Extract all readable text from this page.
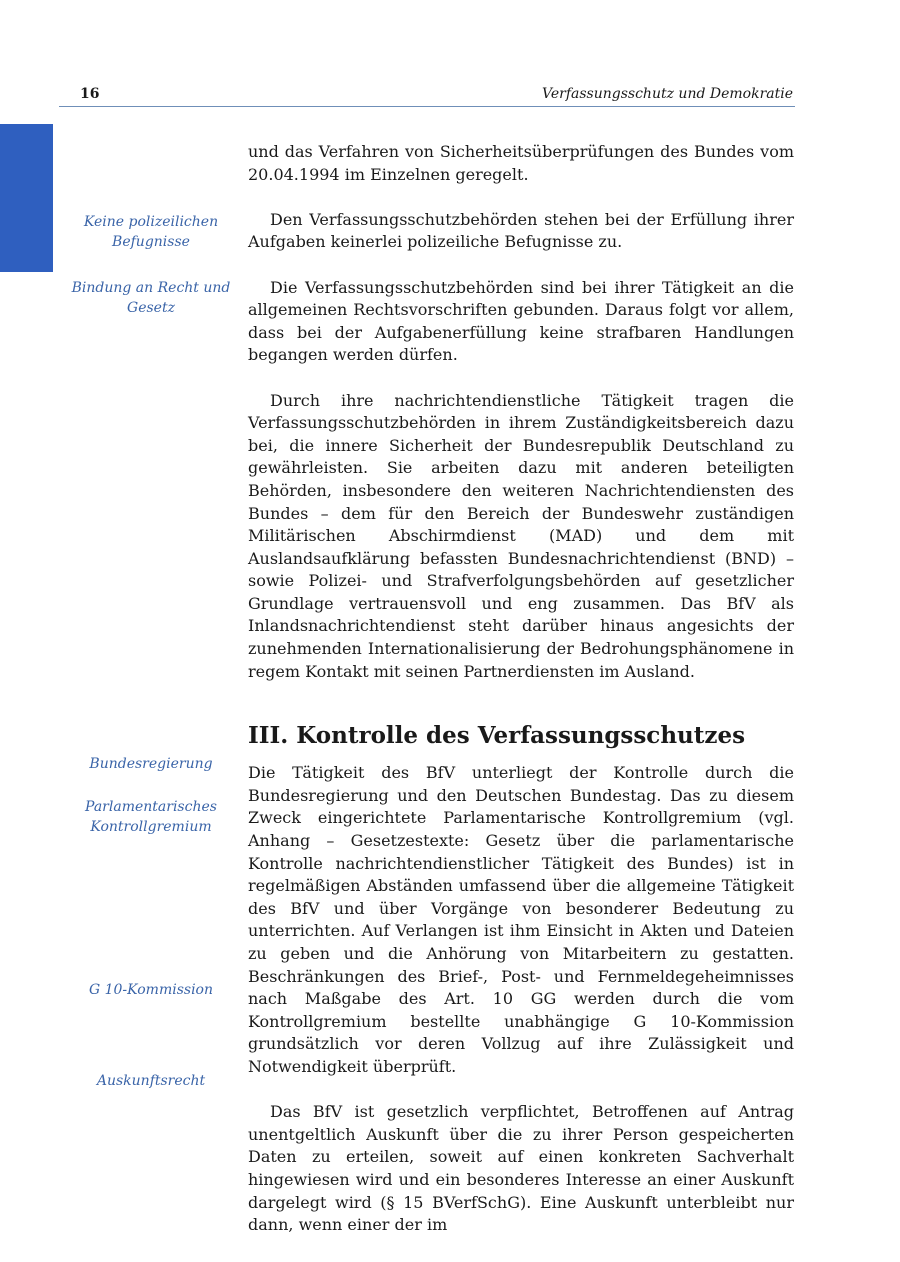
16	Verfassungsschutz und Demokratie
Keine polizeilichen Befugnisse
Bindung an Recht und Gesetz
Bundesregierung
Parlamentarisches Kontrollgremium
G 10-Kommission
Auskunftsrecht

und das Verfahren von Sicherheitsüberprüfungen des Bundes vom 20.04.1994 im Einzelnen geregelt.

Den Verfassungsschutzbehörden stehen bei der Erfüllung ihrer Aufgaben keinerlei polizeiliche Befugnisse zu.

Die Verfassungsschutzbehörden sind bei ihrer Tätigkeit an die allgemeinen Rechtsvorschriften gebunden. Daraus folgt vor allem, dass bei der Aufgabenerfüllung keine strafbaren Handlungen begangen werden dürfen.

Durch ihre nachrichtendienstliche Tätigkeit tragen die Verfassungsschutzbehörden in ihrem Zuständigkeitsbereich dazu bei, die innere Sicherheit der Bundesrepublik Deutschland zu gewährleisten. Sie arbeiten dazu mit anderen beteiligten Behörden, insbesondere den weiteren Nachrichtendiensten des Bundes – dem für den Bereich der Bundeswehr zuständigen Militärischen Abschirmdienst (MAD) und dem mit Auslandsaufklärung befassten Bundesnachrichtendienst (BND) – sowie Polizei- und Strafverfolgungsbehörden auf gesetzlicher Grundlage vertrauensvoll und eng zusammen. Das BfV als Inlandsnachrichtendienst steht darüber hinaus angesichts der zunehmenden Internationalisierung der Bedrohungsphänomene in regem Kontakt mit seinen Partnerdiensten im Ausland.

III. Kontrolle des Verfassungsschutzes

Die Tätigkeit des BfV unterliegt der Kontrolle durch die Bundesregierung und den Deutschen Bundestag. Das zu diesem Zweck eingerichtete Parlamentarische Kontrollgremium (vgl. Anhang – Gesetzestexte: Gesetz über die parlamentarische Kontrolle nachrichtendienstlicher Tätigkeit des Bundes) ist in regelmäßigen Abständen umfassend über die allgemeine Tätigkeit des BfV und über Vorgänge von besonderer Bedeutung zu unterrichten. Auf Verlangen ist ihm Einsicht in Akten und Dateien zu geben und die Anhörung von Mitarbeitern zu gestatten. Beschränkungen des Brief-, Post- und Fernmeldegeheimnisses nach Maßgabe des Art. 10 GG werden durch die vom Kontrollgremium bestellte unabhängige G 10-Kommission grundsätzlich vor deren Vollzug auf ihre Zulässigkeit und Notwendigkeit überprüft.

Das BfV ist gesetzlich verpflichtet, Betroffenen auf Antrag unentgeltlich Auskunft über die zu ihrer Person gespeicherten Daten zu erteilen, soweit auf einen konkreten Sachverhalt hingewiesen wird und ein besonderes Interesse an einer Auskunft dargelegt wird (§ 15 BVerfSchG). Eine Auskunft unterbleibt nur dann, wenn einer der im
